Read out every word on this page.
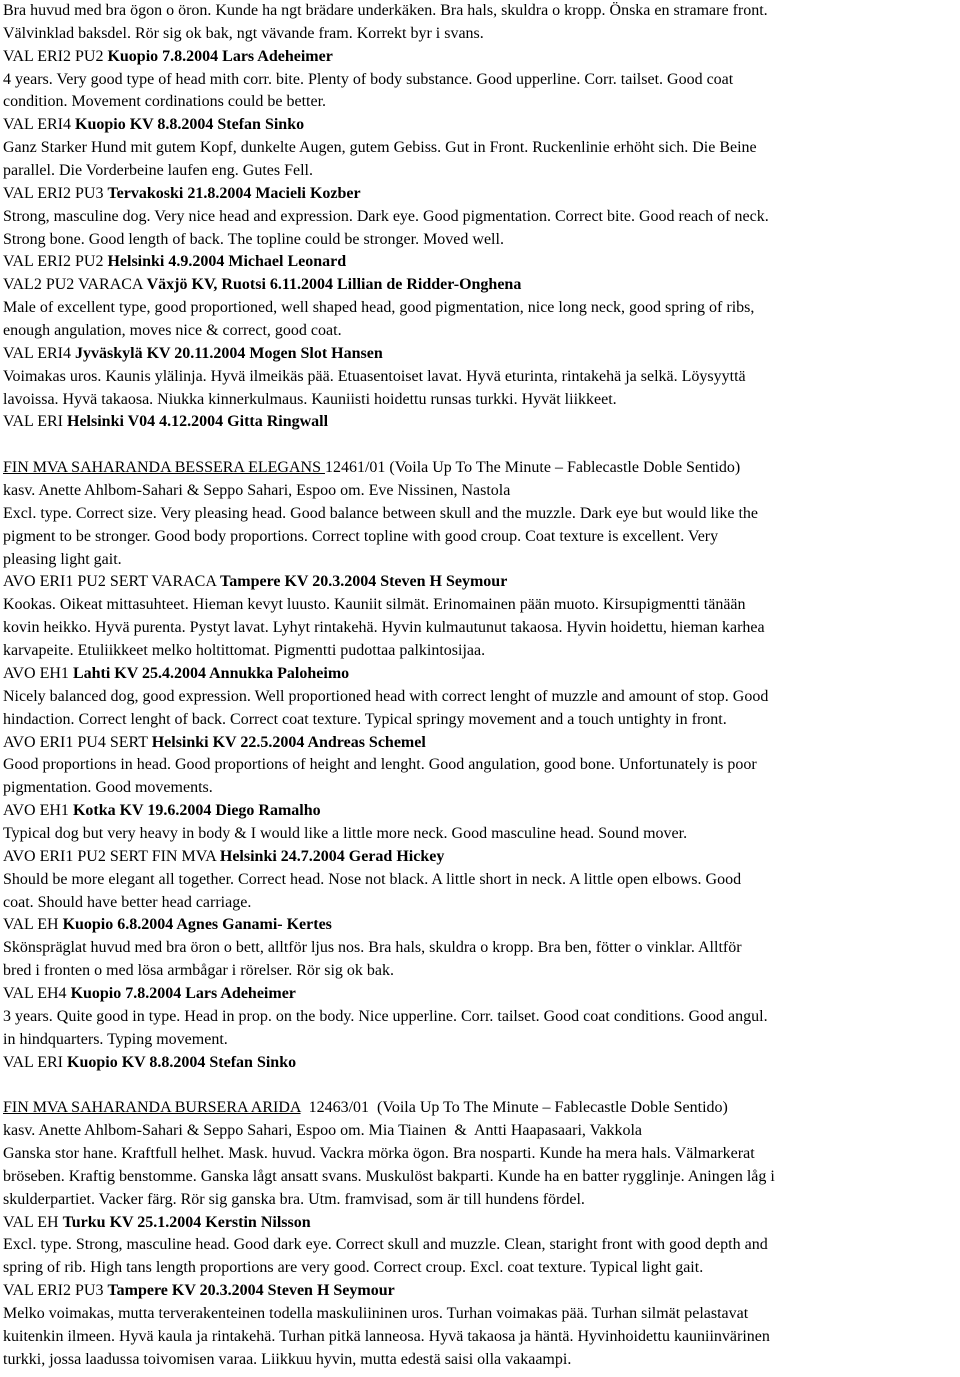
Bra huvud med bra ögon o öron. Kunde ha ngt brädare underkäken. Bra hals, skuldra o kropp. Önska en stramare front.
Välvinklad baksdel. Rör sig ok bak, ngt vävande fram. Korrekt byr i svans.
VAL ERI2 PU2 Kuopio 7.8.2004 Lars Adeheimer
4 years. Very good type of head mith corr. bite. Plenty of body substance. Good upperline. Corr. tailset. Good coat
condition. Movement cordinations could be better.
VAL ERI4 Kuopio KV 8.8.2004 Stefan Sinko
Ganz Starker Hund mit gutem Kopf, dunkelte Augen, gutem Gebiss. Gut in Front. Ruckenlinie erhöht sich. Die Beine
parallel. Die Vorderbeine laufen eng. Gutes Fell.
VAL ERI2 PU3 Tervakoski 21.8.2004 Macieli Kozber
Strong, masculine dog. Very nice head and expression. Dark eye. Good pigmentation. Correct bite. Good reach of neck.
Strong bone. Good length of back. The topline could be stronger. Moved well.
VAL ERI2 PU2 Helsinki 4.9.2004 Michael Leonard
VAL2 PU2 VARACA Växjö KV, Ruotsi 6.11.2004 Lillian de Ridder-Onghena
Male of excellent type, good proportioned, well shaped head, good pigmentation, nice long neck, good spring of ribs,
enough angulation, moves nice & correct, good coat.
VAL ERI4 Jyväskylä KV 20.11.2004 Mogen Slot Hansen
Voimakas uros. Kaunis ylälinja. Hyvä ilmeikäs pää. Etuasentoiset lavat. Hyvä eturinta, rintakehä ja selkä. Löysyyttä
lavoissa. Hyvä takaosa. Niukka kinnerkulmaus. Kauniisti hoidettu runsas turkki. Hyvät liikkeet.
VAL ERI Helsinki V04 4.12.2004 Gitta Ringwall
FIN MVA SAHARANDA BESSERA ELEGANS 12461/01 (Voila Up To The Minute – Fablecastle Doble Sentido)
kasv. Anette Ahlbom-Sahari & Seppo Sahari, Espoo om. Eve Nissinen, Nastola
Excl. type. Correct size. Very pleasing head. Good balance between skull and the muzzle. Dark eye but would like the
pigment to be stronger. Good body proportions. Correct topline with good croup. Coat texture is excellent. Very
pleasing light gait.
AVO ERI1 PU2 SERT VARACA Tampere KV 20.3.2004 Steven H Seymour
Kookas. Oikeat mittasuhteet. Hieman kevyt luusto. Kauniit silmät. Erinomainen pään muoto. Kirsupigmentti tänään
kovin heikko. Hyvä purenta. Pystyt lavat. Lyhyt rintakehä. Hyvin kulmautunut takaosa. Hyvin hoidettu, hieman karhea
karvapeite. Etuliikkeet melko holtittomat. Pigmentti pudottaa palkintosijaa.
AVO EH1 Lahti KV 25.4.2004 Annukka Paloheimo
Nicely balanced dog, good expression. Well proportioned head with correct lenght of muzzle and amount of stop. Good
hindaction. Correct lenght of back. Correct coat texture. Typical springy movement and a touch untighty in front.
AVO ERI1 PU4 SERT Helsinki KV 22.5.2004 Andreas Schemel
Good proportions in head. Good proportions of height and lenght. Good angulation, good bone. Unfortunately is poor
pigmentation. Good movements.
AVO EH1 Kotka KV 19.6.2004 Diego Ramalho
Typical dog but very heavy in body & I would like a little more neck. Good masculine head. Sound mover.
AVO ERI1 PU2 SERT FIN MVA Helsinki 24.7.2004 Gerad Hickey
Should be more elegant all together. Correct head. Nose not black. A little short in neck. A little open elbows. Good
coat. Should have better head carriage.
VAL EH Kuopio 6.8.2004 Agnes Ganami- Kertes
Skönspräglat huvud med bra öron o bett, alltför ljus nos. Bra hals, skuldra o kropp. Bra ben, fötter o vinklar. Alltför
bred i fronten o med lösa armbågar i rörelser. Rör sig ok bak.
VAL EH4 Kuopio 7.8.2004 Lars Adeheimer
3 years. Quite good in type. Head in prop. on the body. Nice upperline. Corr. tailset. Good coat conditions. Good angul.
in hindquarters. Typing movement.
VAL ERI Kuopio KV 8.8.2004 Stefan Sinko
FIN MVA SAHARANDA BURSERA ARIDA  12463/01  (Voila Up To The Minute – Fablecastle Doble Sentido)
kasv. Anette Ahlbom-Sahari & Seppo Sahari, Espoo om. Mia Tiainen  &  Antti Haapasaari, Vakkola
Ganska stor hane. Kraftfull helhet. Mask. huvud. Vackra mörka ögon. Bra nosparti. Kunde ha mera hals. Välmarkerat
bröseben. Kraftig benstomme. Ganska lågt ansatt svans. Muskulöst bakparti. Kunde ha en batter rygglinje. Aningen låg i
skulderpartiet. Vacker färg. Rör sig ganska bra. Utm. framvisad, som är till hundens fördel.
VAL EH Turku KV 25.1.2004 Kerstin Nilsson
Excl. type. Strong, masculine head. Good dark eye. Correct skull and muzzle. Clean, staright front with good depth and
spring of rib. High tans length proportions are very good. Correct croup. Excl. coat texture. Typical light gait.
VAL ERI2 PU3 Tampere KV 20.3.2004 Steven H Seymour
Melko voimakas, mutta terverakenteinen todella maskuliininen uros. Turhan voimakas pää. Turhan silmät pelastavat
kuitenkin ilmeen. Hyvä kaula ja rintakehä. Turhan pitkä lanneosa. Hyvä takaosa ja häntä. Hyvinhoidettu kauniinvärinen
turkki, jossa laadussa toivomisen varaa. Liikkuu hyvin, mutta edestä saisi olla vakaampi.
